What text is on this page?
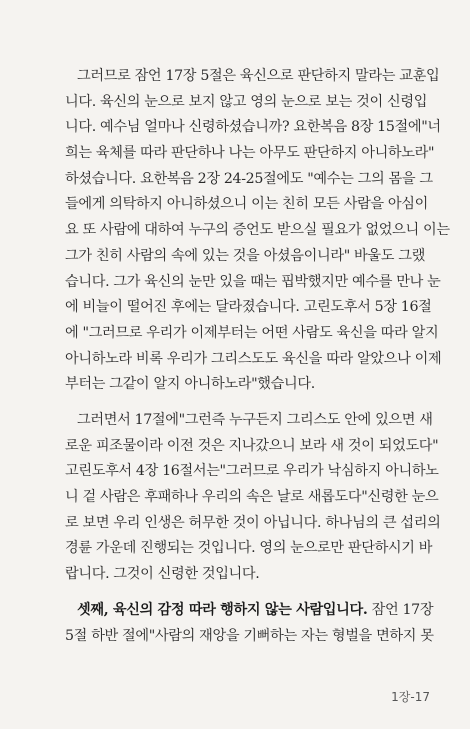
그러므로 잠언 17장 5절은 육신으로 판단하지 말라는 교훈입
니다. 육신의 눈으로 보지 않고 영의 눈으로 보는 것이 신령입
니다. 예수님 얼마나 신령하셨습니까? 요한복음 8장 15절에"너
희는 육체를 따라 판단하나 나는 아무도 판단하지 아니하노라"
하셨습니다. 요한복음 2장 24-25절에도 "예수는 그의 몸을 그
들에게 의탁하지 아니하셨으니 이는 친히 모든 사람을 아심이
요 또 사람에 대하여 누구의 증언도 받으실 필요가 없었으니 이는
그가 친히 사람의 속에 있는 것을 아셨음이니라" 바울도 그랬
습니다. 그가 육신의 눈만 있을 때는 핍박했지만 예수를 만나 눈
에 비늘이 떨어진 후에는 달라졌습니다. 고린도후서 5장 16절
에 "그러므로 우리가 이제부터는 어떤 사람도 육신을 따라 알지
아니하노라 비록 우리가 그리스도도 육신을 따라 알았으나 이제
부터는 그같이 알지 아니하노라"했습니다.
그러면서 17절에"그런즉 누구든지 그리스도 안에 있으면 새
로운 피조물이라 이전 것은 지나갔으니 보라 새 것이 되었도다"
고린도후서 4장 16절서는"그러므로 우리가 낙심하지 아니하노
니 겉 사람은 후패하나 우리의 속은 날로 새롭도다"신령한 눈으
로 보면 우리 인생은 허무한 것이 아닙니다. 하나님의 큰 섭리의
경륜 가운데 진행되는 것입니다. 영의 눈으로만 판단하시기 바
랍니다. 그것이 신령한 것입니다.
셋째, 육신의 감정 따라 행하지 않는 사람입니다. 잠언 17장
5절 하반 절에"사람의 재앙을 기뻐하는 자는 형벌을 면하지 못
1장-17
